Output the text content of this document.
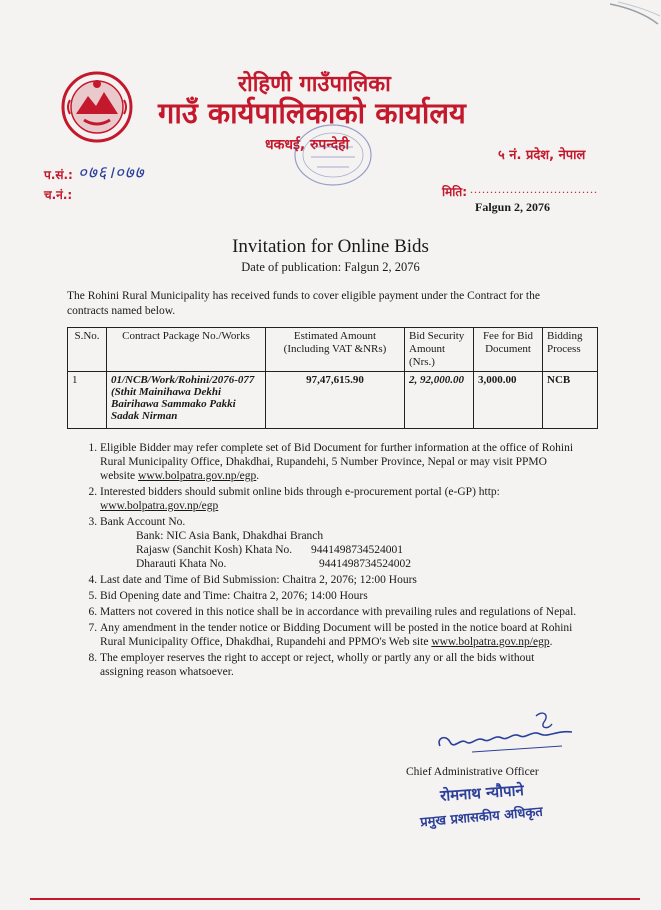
रोहिणी गाउँपालिका
गाउँ कार्यपालिकाको कार्यालय
धकधई, रुपन्देही
५ नं. प्रदेश, नेपाल
प.सं.: ०७६।०७७
च.नं.:	मिति: ................................
Falgun 2, 2076
Invitation for Online Bids
Date of publication: Falgun 2, 2076
The Rohini Rural Municipality has received funds to cover eligible payment under the Contract for the contracts named below.
S.No.	Contract Package No./Works	Estimated Amount (Including VAT &NRs)	Bid Security Amount (Nrs.)	Fee for Bid Document	Bidding Process
1	01/NCB/Work/Rohini/2076-077 (Sthit Mainihawa Dekhi Bairihawa Sammako Pakki Sadak Nirman	97,47,615.90	2, 92,000.00	3,000.00	NCB
1. Eligible Bidder may refer complete set of Bid Document for further information at the office of Rohini Rural Municipality Office, Dhakdhai, Rupandehi, 5 Number Province, Nepal or may visit PPMO website www.bolpatra.gov.np/egp.
2. Interested bidders should submit online bids through e-procurement portal (e-GP) http:
www.bolpatra.gov.np/egp
3. Bank Account No.
Bank: NIC Asia Bank, Dhakdhai Branch
Rajasw (Sanchit Kosh) Khata No.	9441498734524001
Dharauti Khata No.	9441498734524002
4. Last date and Time of Bid Submission: Chaitra 2, 2076; 12:00 Hours
5. Bid Opening date and Time: Chaitra 2, 2076; 14:00 Hours
6. Matters not covered in this notice shall be in accordance with prevailing rules and regulations of Nepal.
7. Any amendment in the tender notice or Bidding Document will be posted in the notice board at Rohini Rural Municipality Office, Dhakdhai, Rupandehi and PPMO's Web site www.bolpatra.gov.np/egp.
8. The employer reserves the right to accept or reject, wholly or partly any or all the bids without assigning reason whatsoever.
Chief Administrative Officer
रोमनाथ न्यौपाने
प्रमुख प्रशासकीय अधिकृत
